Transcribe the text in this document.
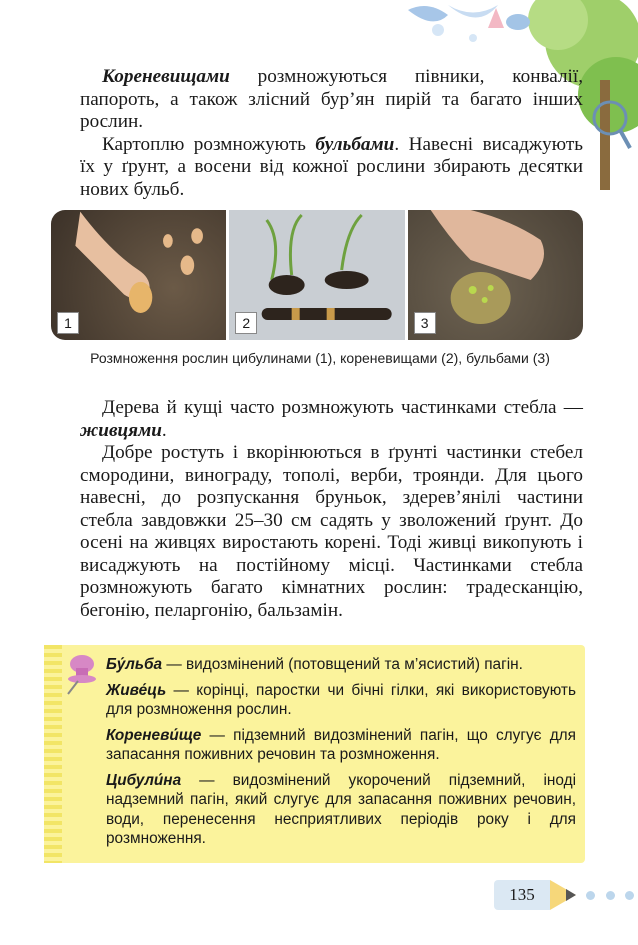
Кореневищами розмножуються півники, конвалії, папороть, а також злісний бур’ян пирій та багато інших рослин.

Картоплю розмножують бульбами. Навесні висаджують їх у ґрунт, а восени від кожної рослини збирають десятки нових бульб.

1	2	3
Розмноження рослин цибулинами (1), кореневищами (2), бульбами (3)

Дерева й кущі часто розмножують частинками стебла — живцями.

Добре ростуть і вкорінюються в ґрунті частинки стебел смородини, винограду, тополі, верби, троянди. Для цього навесні, до розпускання бруньок, здерев’янілі частини стебла завдовжки 25–30 см садять у зволожений ґрунт. До осені на живцях виростають корені. Тоді живці викопують і висаджують на постійному місці. Частинками стебла розмножують багато кімнатних рослин: традесканцію, бегонію, пеларгонію, бальзамін.

Бу́льба — видозмінений (потовщений та м’ясистий) пагін.
Живе́ць — корінці, паростки чи бічні гілки, які використовують для розмноження рослин.
Кореневи́ще — підземний видозмінений пагін, що слугує для запасання поживних речовин та розмноження.
Цибули́на — видозмінений укорочений підземний, іноді надземний пагін, який слугує для запасання поживних речовин, води, перенесення несприятливих періодів року і для розмноження.
135
